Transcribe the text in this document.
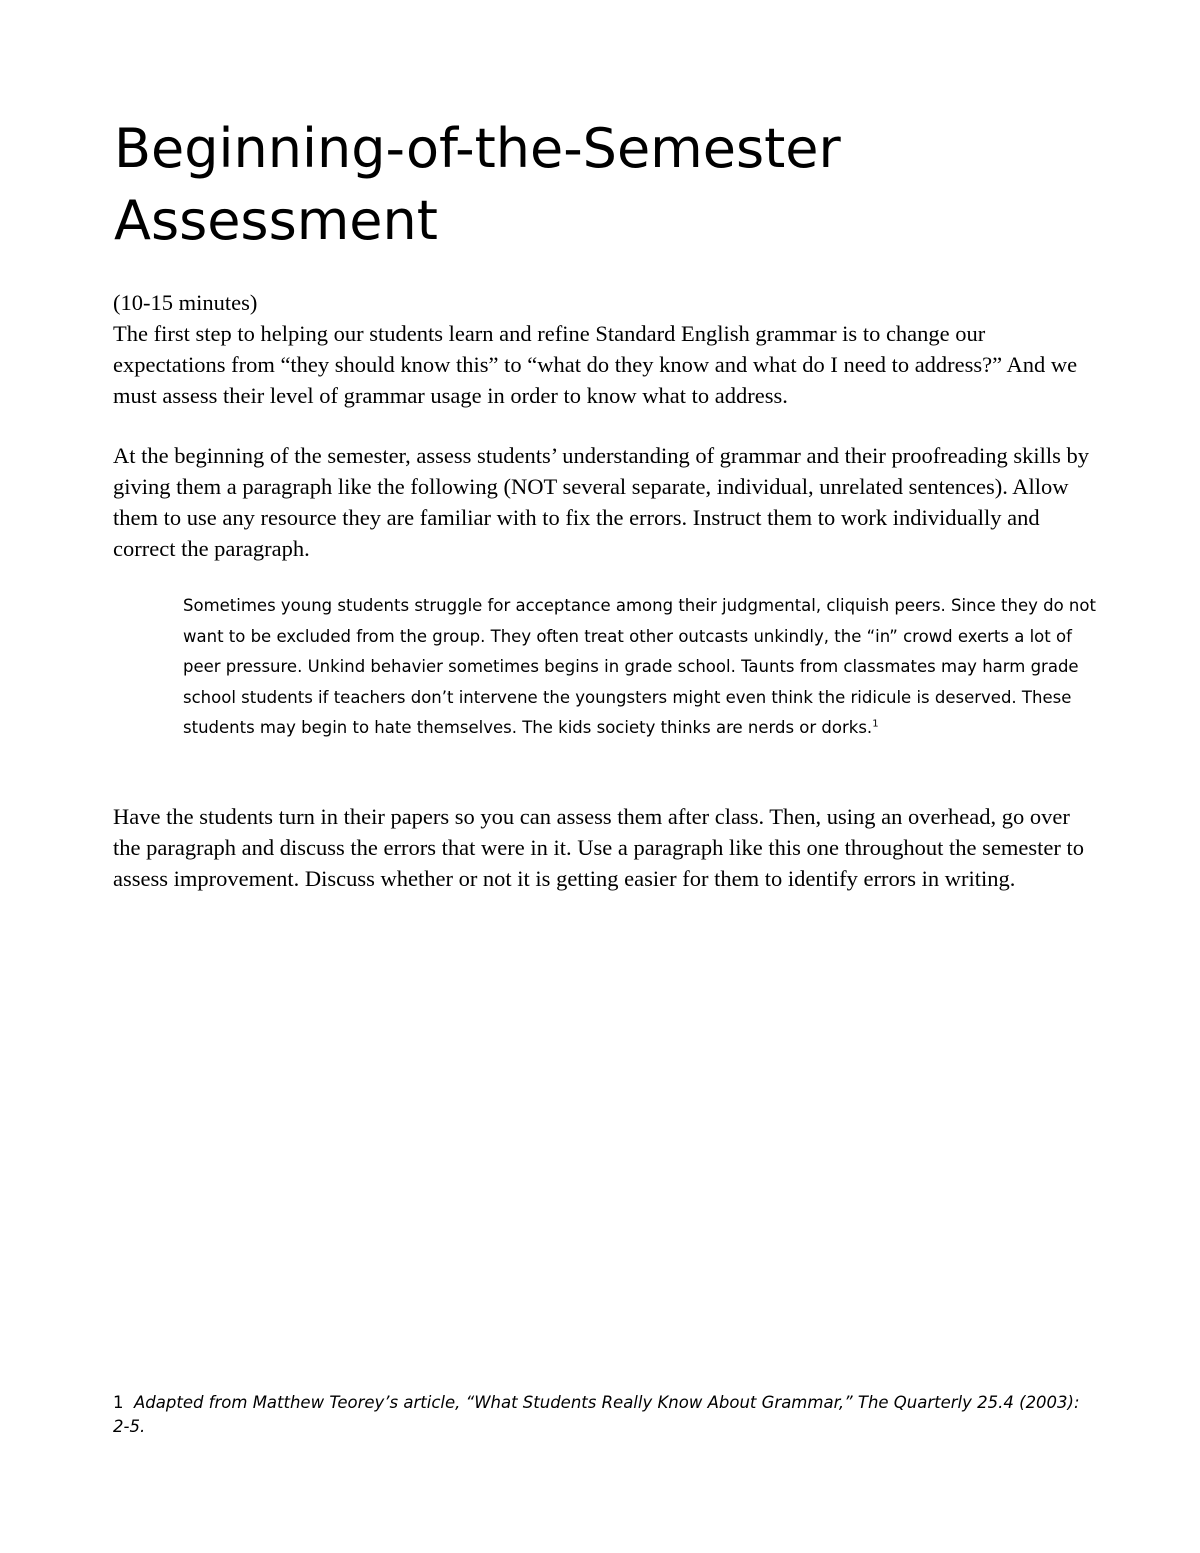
Beginning-of-the-Semester Assessment

(10-15 minutes)

The first step to helping our students learn and refine Standard English grammar is to change our expectations from “they should know this” to “what do they know and what do I need to address?” And we must assess their level of grammar usage in order to know what to address.

At the beginning of the semester, assess students’ understanding of grammar and their proofreading skills by giving them a paragraph like the following (NOT several separate, individual, unrelated sentences). Allow them to use any resource they are familiar with to fix the errors. Instruct them to work individually and correct the paragraph.

Sometimes young students struggle for acceptance among their judgmental, cliquish peers. Since they do not want to be excluded from the group. They often treat other outcasts unkindly, the “in” crowd exerts a lot of peer pressure. Unkind behavier sometimes begins in grade school. Taunts from classmates may harm grade school students if teachers don’t intervene the youngsters might even think the ridicule is deserved. These students may begin to hate themselves. The kids society thinks are nerds or dorks.$^1$

Have the students turn in their papers so you can assess them after class. Then, using an overhead, go over the paragraph and discuss the errors that were in it. Use a paragraph like this one throughout the semester to assess improvement. Discuss whether or not it is getting easier for them to identify errors in writing.

1 Adapted from Matthew Teorey’s article, “What Students Really Know About Grammar,” The Quarterly 25.4 (2003): 2-5.
